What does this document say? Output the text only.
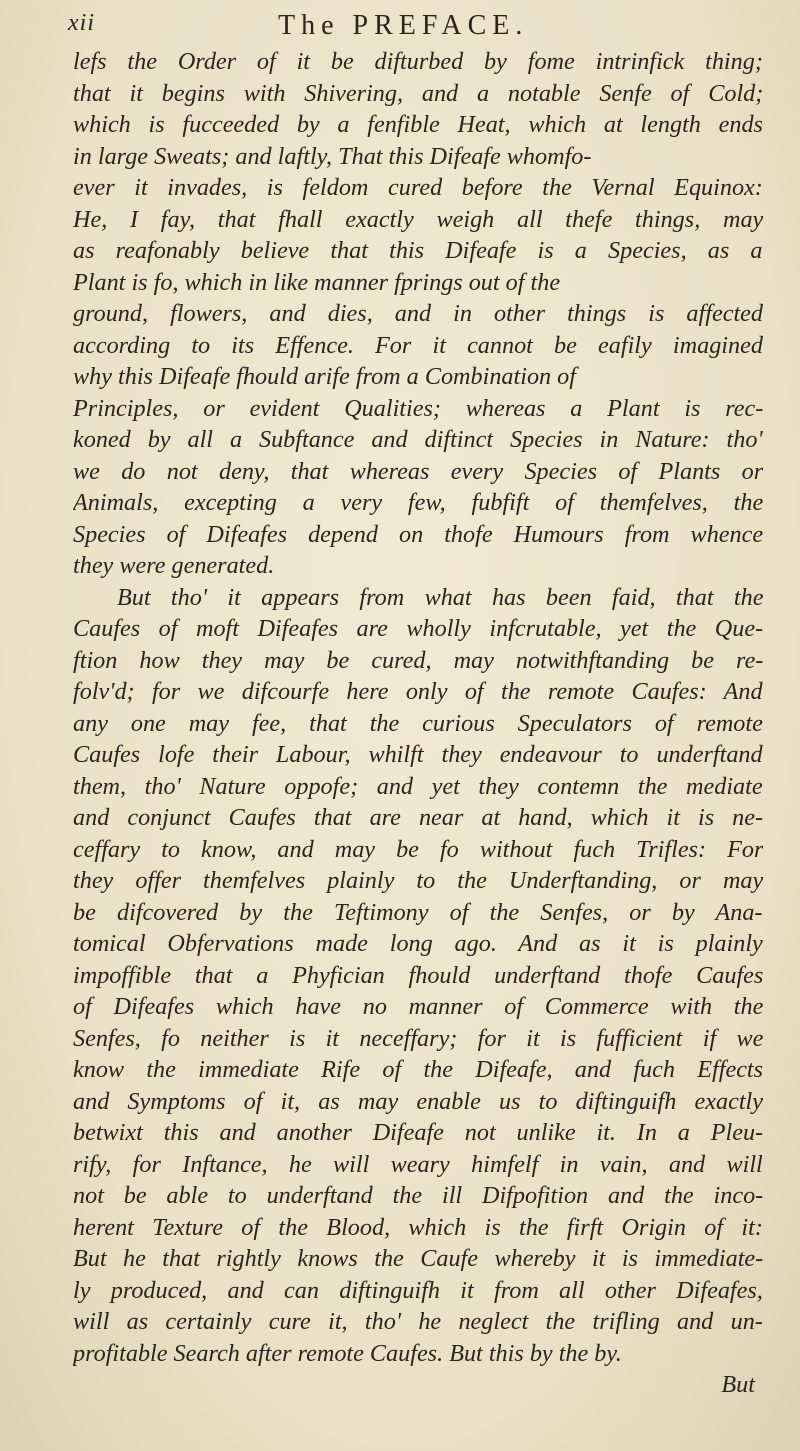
xii	The PREFACE.
lefs the Order of it be difturbed by fome intrinfick thing;
that it begins with Shivering, and a notable Senfe of Cold;
which is fucceeded by a fenfible Heat, which at length ends
in large Sweats; and laftly, That this Difeafe whomfo-
ever it invades, is feldom cured before the Vernal Equinox:
He, I fay, that fhall exactly weigh all thefe things, may
as reafonably believe that this Difeafe is a Species, as a
Plant is fo, which in like manner fprings out of the
ground, flowers, and dies, and in other things is affected
according to its Effence. For it cannot be eafily imagined
why this Difeafe fhould arife from a Combination of
Principles, or evident Qualities; whereas a Plant is rec-
koned by all a Subftance and diftinct Species in Nature: tho'
we do not deny, that whereas every Species of Plants or
Animals, excepting a very few, fubfift of themfelves, the
Species of Difeafes depend on thofe Humours from whence
they were generated.
But tho' it appears from what has been faid, that the
Caufes of moft Difeafes are wholly infcrutable, yet the Que-
ftion how they may be cured, may notwithftanding be re-
folv'd; for we difcourfe here only of the remote Caufes: And
any one may fee, that the curious Speculators of remote
Caufes lofe their Labour, whilft they endeavour to underftand
them, tho' Nature oppofe; and yet they contemn the mediate
and conjunct Caufes that are near at hand, which it is ne-
ceffary to know, and may be fo without fuch Trifles: For
they offer themfelves plainly to the Underftanding, or may
be difcovered by the Teftimony of the Senfes, or by Ana-
tomical Obfervations made long ago. And as it is plainly
impoffible that a Phyfician fhould underftand thofe Caufes
of Difeafes which have no manner of Commerce with the
Senfes, fo neither is it neceffary; for it is fufficient if we
know the immediate Rife of the Difeafe, and fuch Effects
and Symptoms of it, as may enable us to diftinguifh exactly
betwixt this and another Difeafe not unlike it. In a Pleu-
rify, for Inftance, he will weary himfelf in vain, and will
not be able to underftand the ill Difpofition and the inco-
herent Texture of the Blood, which is the firft Origin of it:
But he that rightly knows the Caufe whereby it is immediate-
ly produced, and can diftinguifh it from all other Difeafes,
will as certainly cure it, tho' he neglect the trifling and un-
profitable Search after remote Caufes. But this by the by.
But
